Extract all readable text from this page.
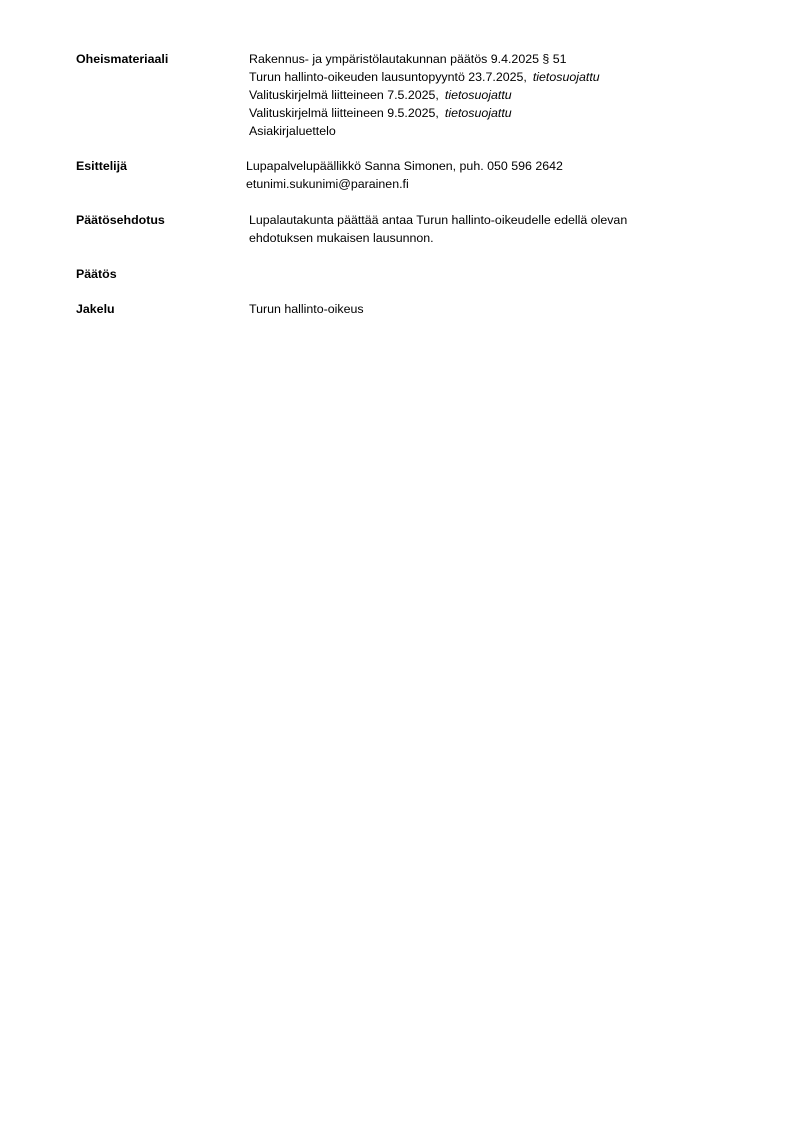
Oheismateriaali	Rakennus- ja ympäristölautakunnan päätös 9.4.2025 § 51
Turun hallinto-oikeuden lausuntopyyntö 23.7.2025, tietosuojattu
Valituskirjelmä liitteineen 7.5.2025, tietosuojattu
Valituskirjelmä liitteineen 9.5.2025, tietosuojattu
Asiakirjaluettelo
Esittelijä	Lupapalvelupäällikkö Sanna Simonen, puh. 050 596 2642
etunimi.sukunimi@parainen.fi
Päätösehdotus	Lupalautakunta päättää antaa Turun hallinto-oikeudelle edellä olevan ehdotuksen mukaisen lausunnon.
Päätös
Jakelu	Turun hallinto-oikeus
